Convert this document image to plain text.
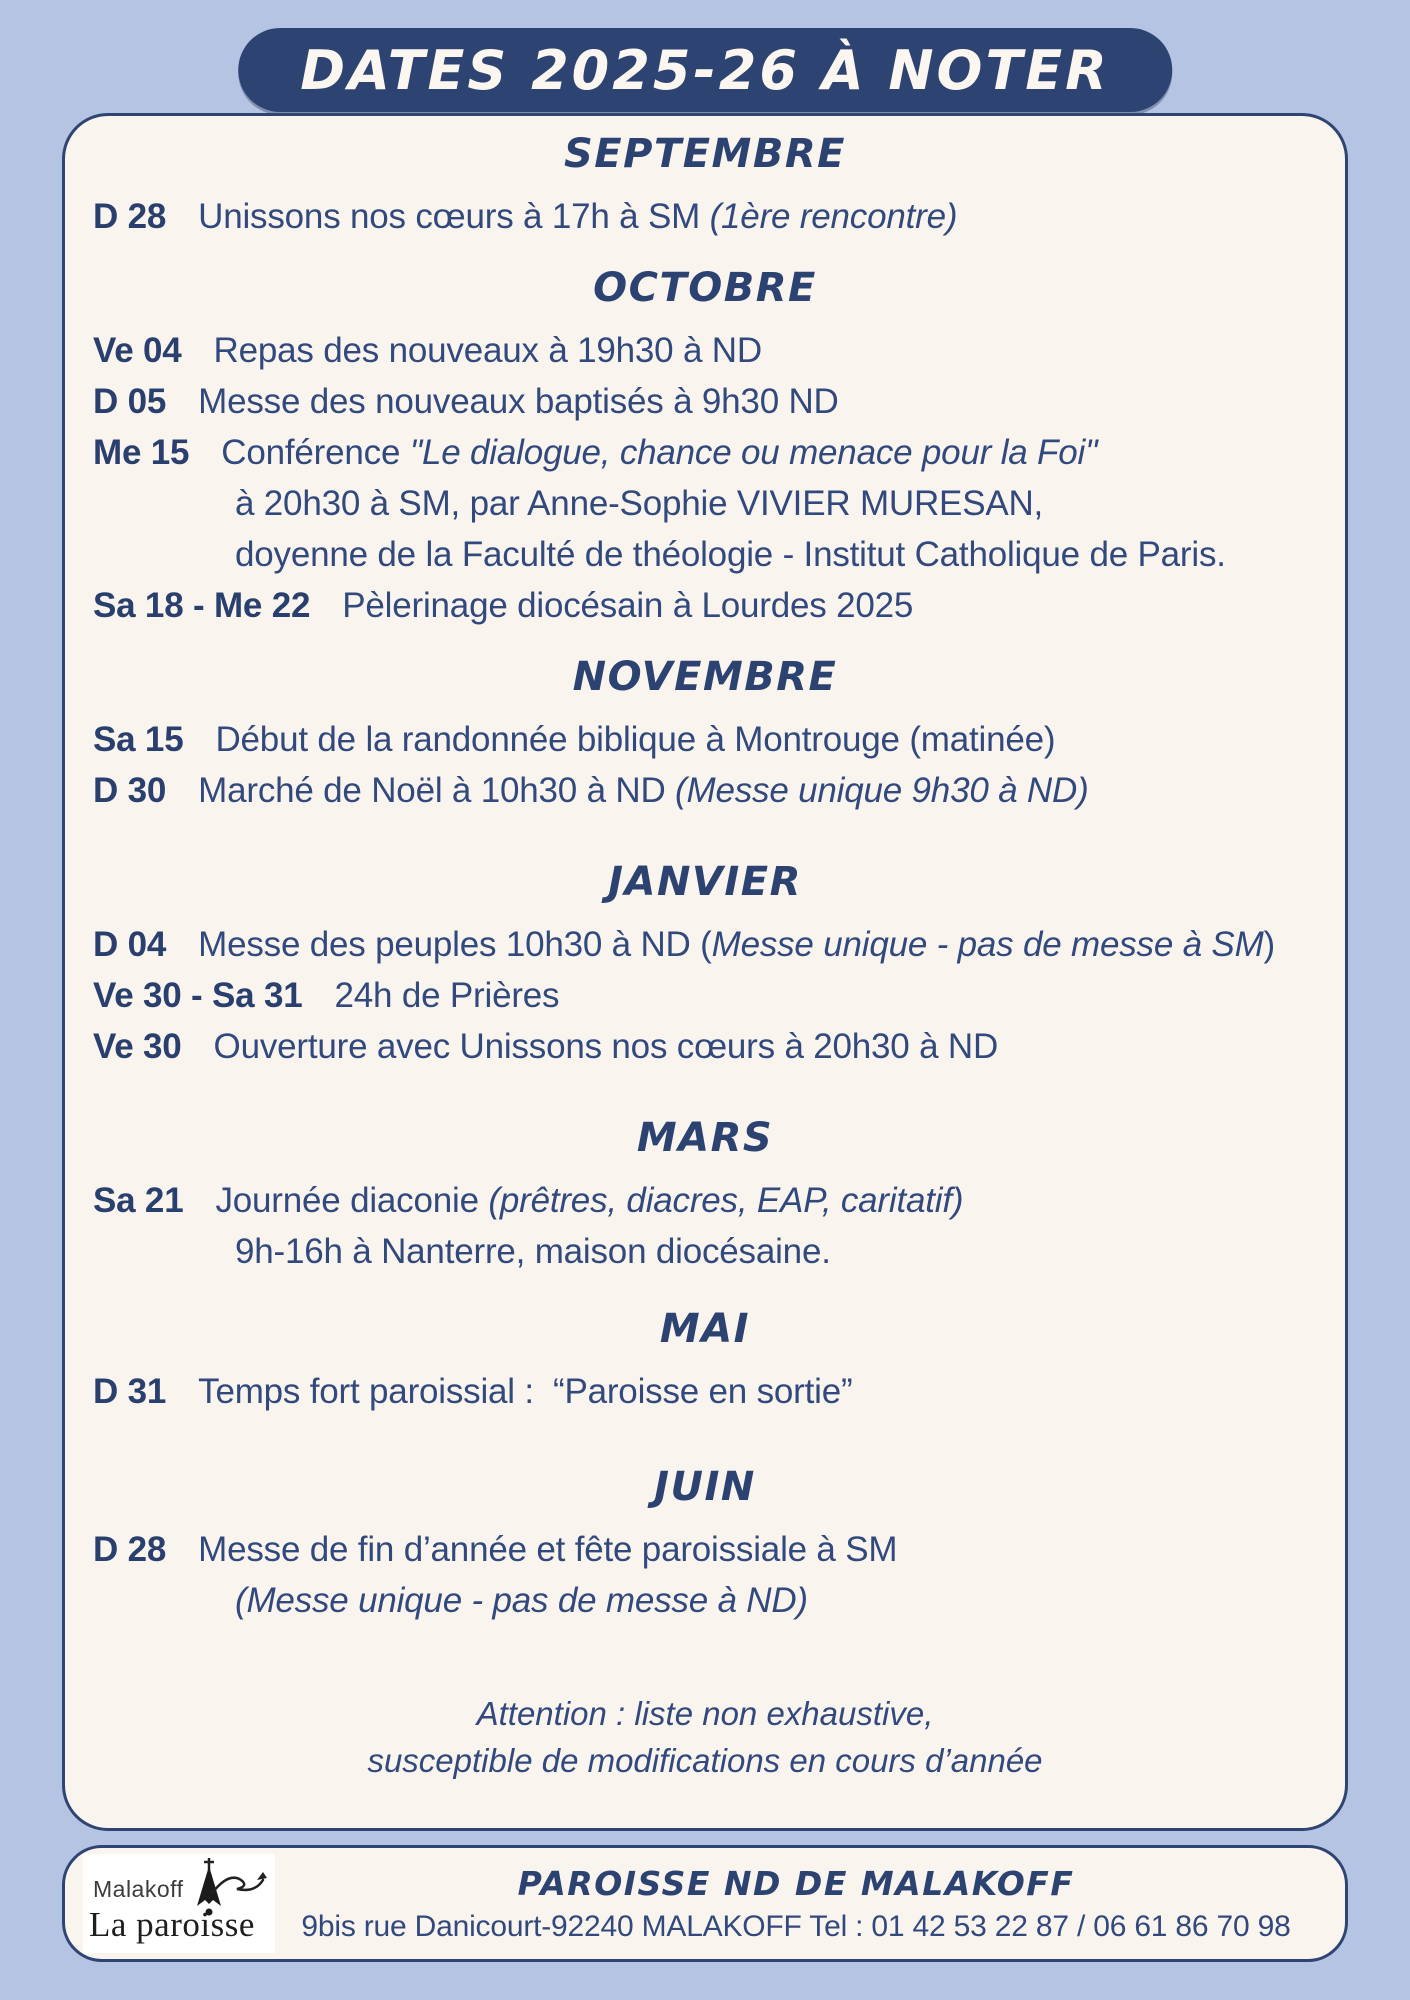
DATES 2025-26 À NOTER
SEPTEMBRE
D 28 Unissons nos cœurs à 17h à SM (1ère rencontre)
OCTOBRE
Ve 04 Repas des nouveaux à 19h30 à ND
D 05 Messe des nouveaux baptisés à 9h30 ND
Me 15 Conférence "Le dialogue, chance ou menace pour la Foi"
à 20h30 à SM, par Anne-Sophie VIVIER MURESAN,
doyenne de la Faculté de théologie - Institut Catholique de Paris.
Sa 18 - Me 22 Pèlerinage diocésain à Lourdes 2025
NOVEMBRE
Sa 15 Début de la randonnée biblique à Montrouge (matinée)
D 30 Marché de Noël à 10h30 à ND (Messe unique 9h30 à ND)
JANVIER
D 04 Messe des peuples 10h30 à ND (Messe unique - pas de messe à SM)
Ve 30 - Sa 31 24h de Prières
Ve 30 Ouverture avec Unissons nos cœurs à 20h30 à ND
MARS
Sa 21 Journée diaconie (prêtres, diacres, EAP, caritatif)
9h-16h à Nanterre, maison diocésaine.
MAI
D 31 Temps fort paroissial :  “Paroisse en sortie”
JUIN
D 28 Messe de fin d’année et fête paroissiale à SM
(Messe unique - pas de messe à ND)
Attention : liste non exhaustive,
susceptible de modifications en cours d’année
Malakoff
La paroisse
PAROISSE ND DE MALAKOFF
9bis rue Danicourt-92240 MALAKOFF Tel : 01 42 53 22 87 / 06 61 86 70 98
